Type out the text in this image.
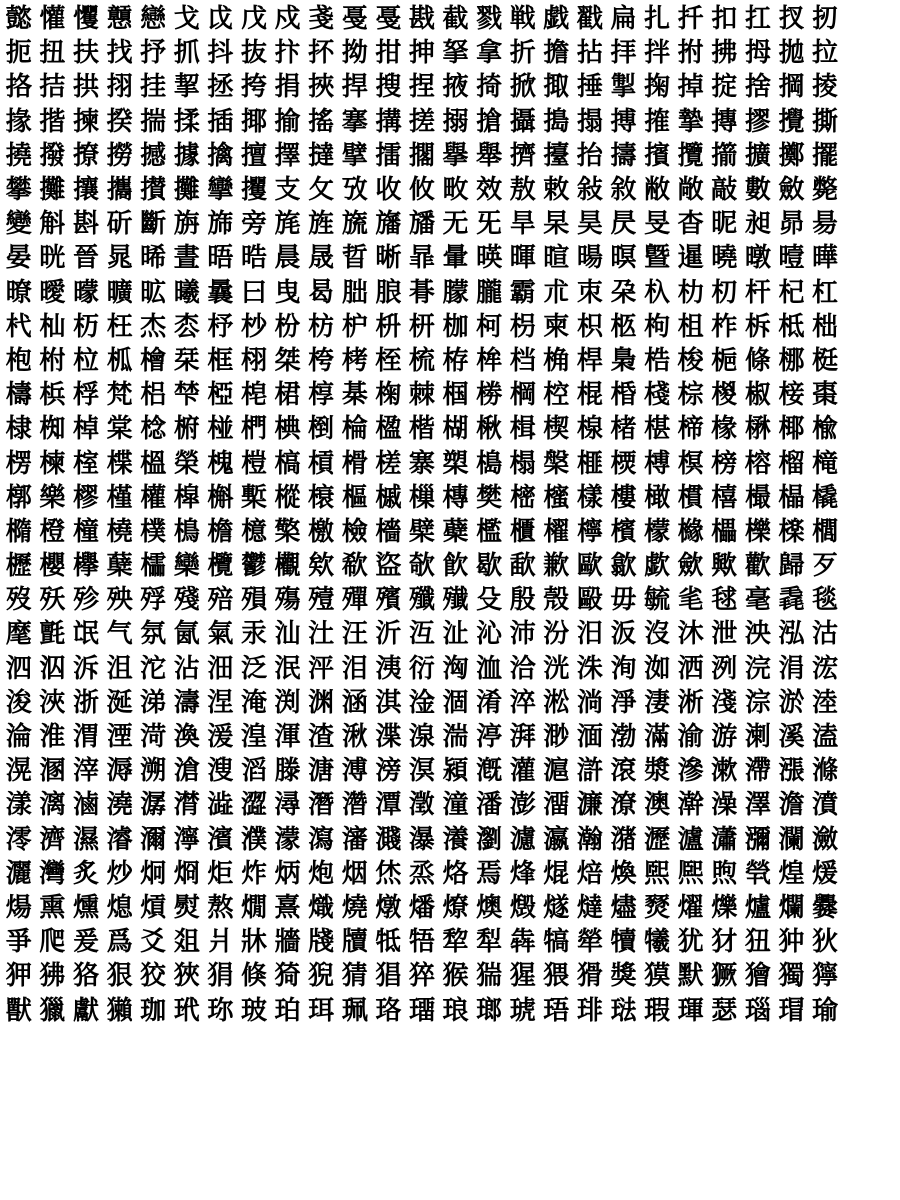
懿 懽 戄 戅 戀 戈 戉 戊 戍 戔 戞 戞 戡 截 戮 戦 戯 戳 扁 扎 扦 扣 扛 扠 扨
扼 扭 扶 找 抒 抓 抖 抜 抃 抔 拗 拑 抻 拏 拿 折 擔 拈 拝 拌 拊 拂 拇 拋 拉
挌 拮 拱 挧 挂 挈 拯 挎 捐 挾 捍 搜 捏 掖 掎 掀 掫 捶 掣 掬 掉 掟 捨 掆 掕
掾 揩 揀 揆 揣 揉 插 揶 揄 搖 搴 搆 搓 搦 搶 攝 搗 搨 搏 搉 摯 摶 摎 攪 撕
撓 撥 撩 撈 撼 據 擒 擅 擇 撻 擘 擂 擱 擧 舉 擠 擡 抬 擣 擯 攬 擶 擴 擲 擺
攀 攤 攘 攜 攅 攤 攣 攫 支 攵 攷 收 攸 畋 效 敖 敕 敍 敘 敝 敞 敲 數 斂 斃
變 斛 斟 斫 斷 旃 旆 旁 旄 旌 旒 旛 旙 无 旡 旱 杲 昊 昃 旻 杳 昵 昶 昴 昜
晏 晄 晉 晁 晞 晝 晤 晧 晨 晟 晢 晰 暃 暈 暎 暉 暄 暘 暝 曁 暹 曉 暾 曀 曄
暸 曖 曚 曠 昿 曦 曩 曰 曳 曷 朏 朖 朞 朦 朧 霸 朮 朿 朶 杁 朸 朷 杆 杞 杠
杙 杣 杤 枉 杰 枩 杼 杪 枌 枋 枦 枡 枅 枷 柯 枴 柬 枳 柩 枸 柤 柞 柝 柢 柮
枹 柎 柆 柧 檜 栞 框 栩 桀 桍 栲 桎 梳 栫 桙 档 桷 桿 梟 梏 梭 梔 條 梛 梃
檮 梹 桴 梵 梠 梺 椏 梍 桾 椁 棊 椈 棘 椢 椦 棡 椌 棍 棔 棧 棕 椶 椒 椄 棗
棣 椥 棹 棠 棯 椨 椪 椚 椣 椡 棆 楹 楷 楜 楸 楫 楔 楾 楮 椹 楴 椽 楙 椰 楡
楞 楝 榁 楪 榲 榮 槐 榿 槁 槓 榾 槎 寨 槊 槝 榻 槃 榧 樮 榑 榠 榜 榕 榴 槞
槨 樂 樛 槿 權 槹 槲 槧 樅 榱 樞 槭 樔 槫 樊 樒 櫁 樣 樓 橄 樌 橲 樶 橸 橇
橢 橙 橦 橈 樸 樢 檐 檍 檠 檄 檢 檣 檗 蘗 檻 櫃 櫂 檸 檳 檬 櫞 櫑 櫟 檪 櫚
櫪 櫻 欅 蘖 櫺 欒 欖 鬱 欟 欸 欷 盜 欹 飮 歇 歃 歉 歐 歙 歔 歛 歟 歡 歸 歹
歿 殀 殄 殃 殍 殘 殕 殞 殤 殪 殫 殯 殲 殱 殳 殷 殼 毆 毋 毓 毟 毬 毫 毳 毯
麾 氈 氓 气 氛 氤 氣 汞 汕 汢 汪 沂 沍 沚 沁 沛 汾 汨 汳 沒 沐 泄 泱 泓 沽
泗 泅 泝 沮 沱 沾 沺 泛 泯 泙 泪 洟 衍 洶 洫 洽 洸 洙 洵 洳 洒 洌 浣 涓 浤
浚 浹 浙 涎 涕 濤 涅 淹 渕 渊 涵 淇 淦 涸 淆 淬 淞 淌 淨 淒 淅 淺 淙 淤 淕
淪 淮 渭 湮 渮 渙 湲 湟 渾 渣 湫 渫 湶 湍 渟 湃 渺 湎 渤 滿 渝 游 溂 溪 溘
滉 溷 滓 溽 溯 滄 溲 滔 滕 溏 溥 滂 溟 潁 漑 灌 滬 滸 滾 漿 滲 漱 滯 漲 滌
漾 漓 滷 澆 潺 潸 澁 澀 潯 潛 濳 潭 澂 潼 潘 澎 澑 濂 潦 澳 澣 澡 澤 澹 濆
澪 濟 濕 濬 濔 濘 濱 濮 濛 瀉 瀋 濺 瀑 瀁 瀏 濾 瀛 瀚 潴 瀝 瀘 瀟 瀰 瀾 瀲
灑 灣 炙 炒 炯 烱 炬 炸 炳 炮 烟 烋 烝 烙 焉 烽 焜 焙 煥 煕 熈 煦 煢 煌 煖
煬 熏 燻 熄 熕 熨 熬 燗 熹 熾 燒 燉 燔 燎 燠 燬 燧 燵 燼 燹 燿 爍 爐 爛 爨
爭 爬 爰 爲 爻 爼 爿 牀 牆 牋 牘 牴 牾 犂 犁 犇 犒 犖 犢 犧 犹 犲 狃 狆 狄
狎 狒 狢 狠 狡 狹 狷 倏 猗 猊 猜 猖 猝 猴 猯 猩 猥 猾 獎 獏 默 獗 獪 獨 獰
獸 獵 獻 獺 珈 玳 珎 玻 珀 珥 珮 珞 璢 琅 瑯 琥 珸 琲 琺 瑕 琿 瑟 瑙 瑁 瑜
